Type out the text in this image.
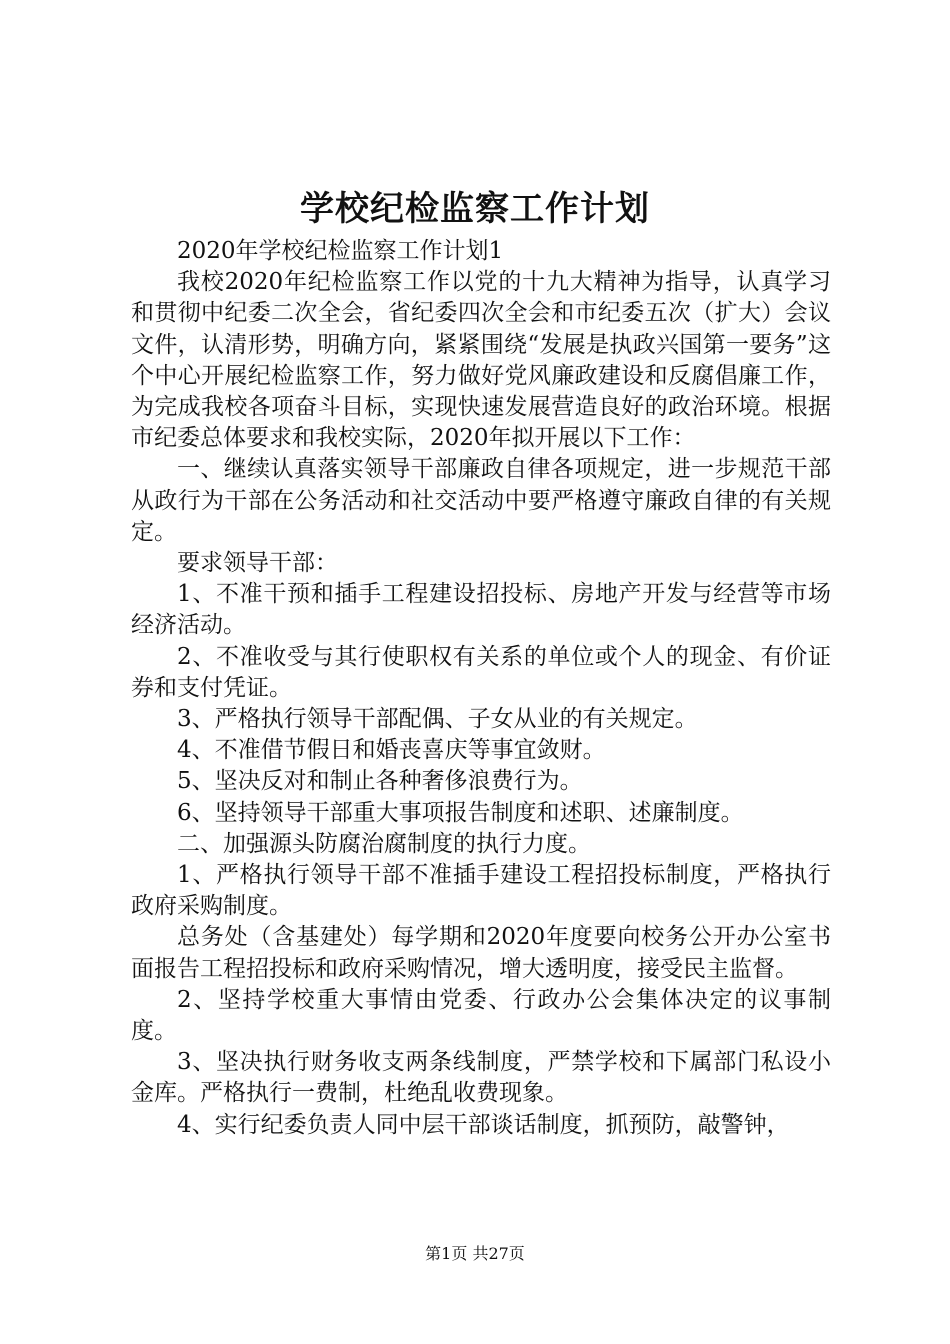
学校纪检监察工作计划

2020年学校纪检监察工作计划1

我校2020年纪检监察工作以党的十九大精神为指导，认真学习和贯彻中纪委二次全会，省纪委四次全会和市纪委五次（扩大）会议文件，认清形势，明确方向，紧紧围绕“发展是执政兴国第一要务”这个中心开展纪检监察工作，努力做好党风廉政建设和反腐倡廉工作，为完成我校各项奋斗目标，实现快速发展营造良好的政治环境。根据市纪委总体要求和我校实际，2020年拟开展以下工作：

一、继续认真落实领导干部廉政自律各项规定，进一步规范干部从政行为干部在公务活动和社交活动中要严格遵守廉政自律的有关规定。

要求领导干部：

1、不准干预和插手工程建设招投标、房地产开发与经营等市场经济活动。

2、不准收受与其行使职权有关系的单位或个人的现金、有价证券和支付凭证。

3、严格执行领导干部配偶、子女从业的有关规定。

4、不准借节假日和婚丧喜庆等事宜敛财。

5、坚决反对和制止各种奢侈浪费行为。

6、坚持领导干部重大事项报告制度和述职、述廉制度。

二、加强源头防腐治腐制度的执行力度。

1、严格执行领导干部不准插手建设工程招投标制度，严格执行政府采购制度。

总务处（含基建处）每学期和2020年度要向校务公开办公室书面报告工程招投标和政府采购情况，增大透明度，接受民主监督。

2、坚持学校重大事情由党委、行政办公会集体决定的议事制度。

3、坚决执行财务收支两条线制度，严禁学校和下属部门私设小金库。严格执行一费制，杜绝乱收费现象。

4、实行纪委负责人同中层干部谈话制度，抓预防，敲警钟，

第1页 共27页
